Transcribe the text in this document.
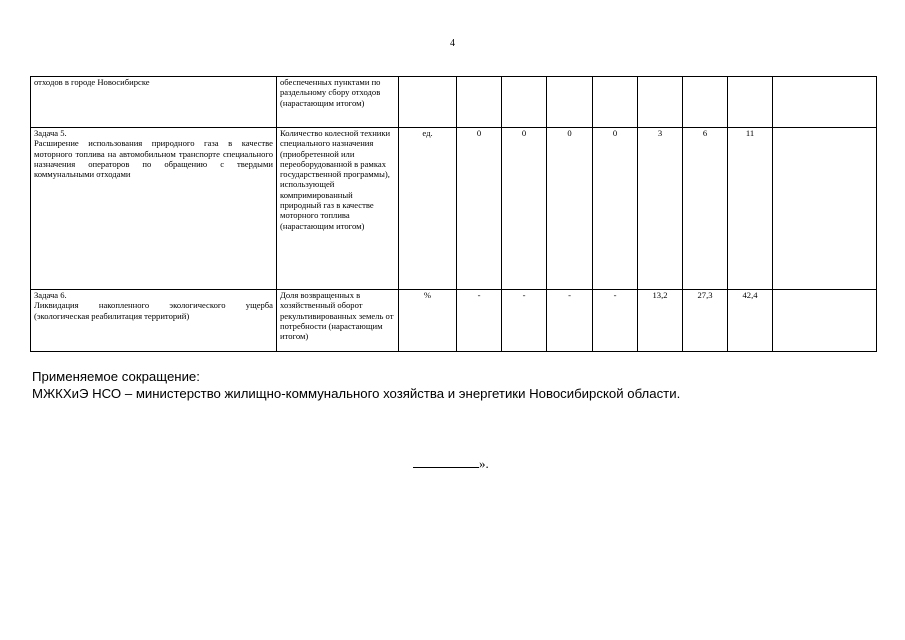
4
отходов в городе Новосибирске	обеспеченных пунктами по раздельному сбору отходов (нарастающим итогом)									

Задача 5.
Расширение использования природного газа в качестве моторного топлива на автомобильном транспорте специального назначения операторов по обращению с твердыми коммунальными отходами	Количество колесной техники специального назначения (приобретенной или переоборудованной в рамках государственной программы), использующей компримированный природный газ в качестве моторного топлива (нарастающим итогом)	ед.	0	0	0	0	3	6	11	

Задача 6.
Ликвидация накопленного экологического ущерба (экологическая реабилитация территорий)	Доля возвращенных в хозяйственный оборот рекультивированных земель от потребности (нарастающим итогом)	%	-	-	-	-	13,2	27,3	42,4	
Применяемое сокращение:
МЖКХиЭ НСО – министерство жилищно-коммунального хозяйства и энергетики Новосибирской области.
».
